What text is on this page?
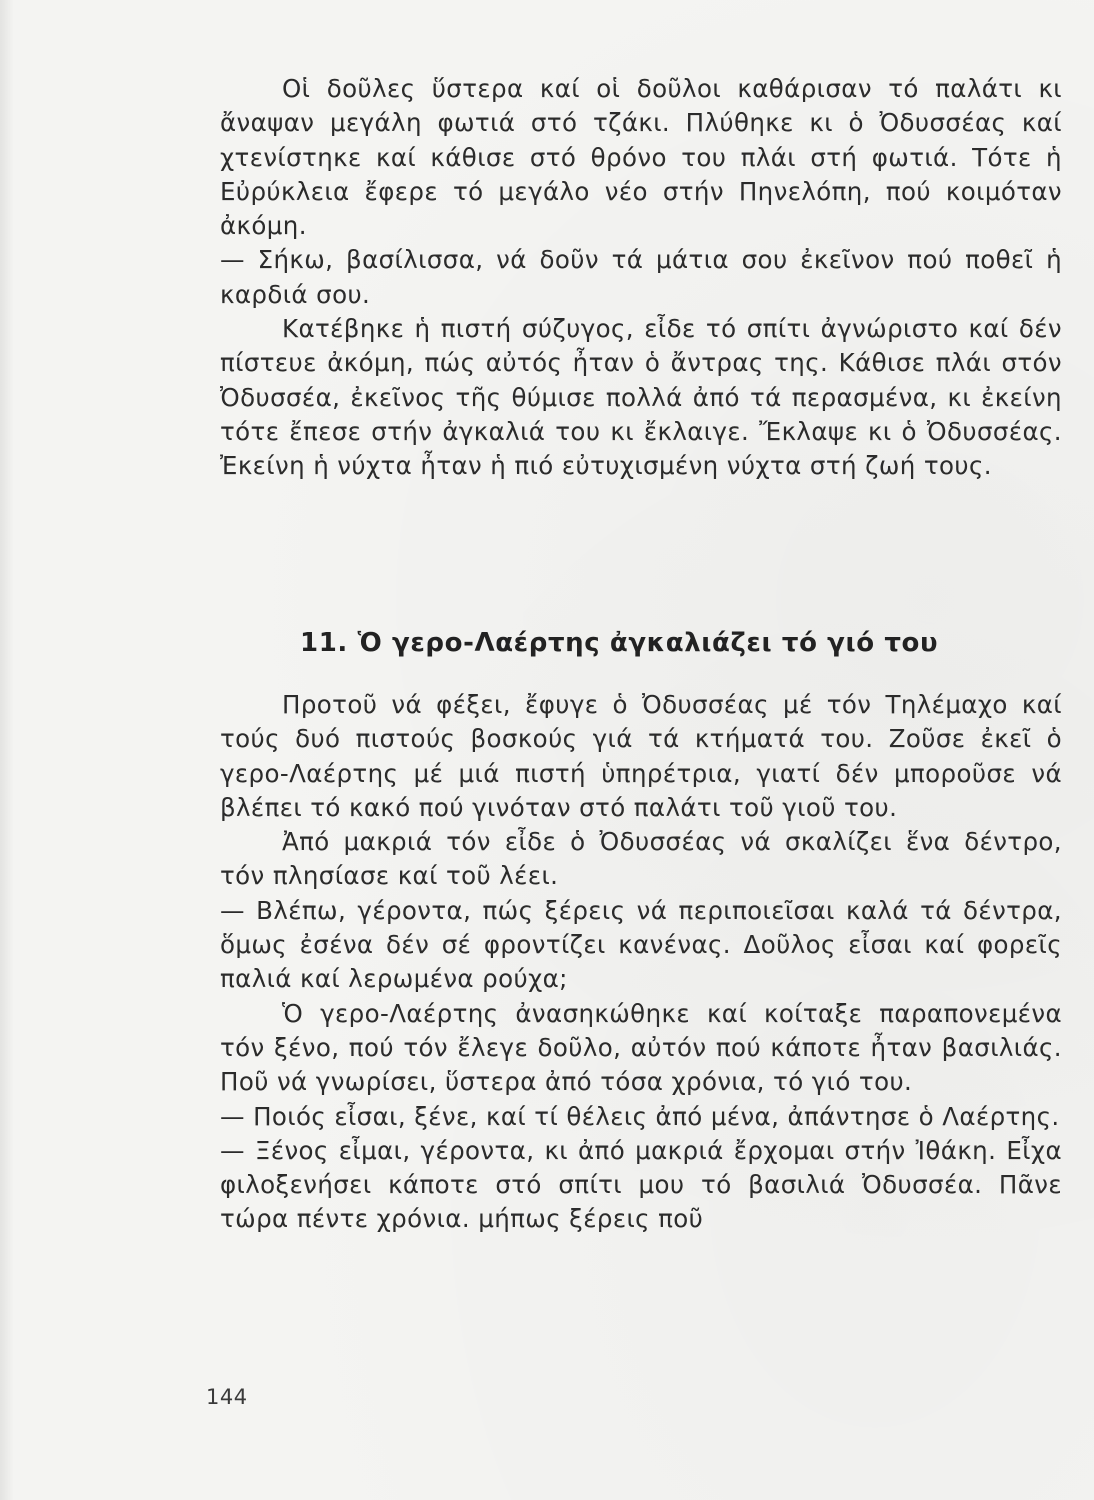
Οἱ δοῦλες ὕστερα καί οἱ δοῦλοι καθάρισαν τό παλάτι κι ἄναψαν μεγάλη φωτιά στό τζάκι. Πλύθηκε κι ὁ Ὀδυσσέας καί χτενίστηκε καί κάθισε στό θρόνο του πλάι στή φωτιά. Τότε ἡ Εὐρύκλεια ἔφερε τό μεγάλο νέο στήν Πηνελόπη, πού κοιμόταν ἀκόμη.

— Σήκω, βασίλισσα, νά δοῦν τά μάτια σου ἐκεῖνον πού ποθεῖ ἡ καρδιά σου.

Κατέβηκε ἡ πιστή σύζυγος, εἶδε τό σπίτι ἀγνώριστο καί δέν πίστευε ἀκόμη, πώς αὐτός ἦταν ὁ ἄντρας της. Κάθισε πλάι στόν Ὀδυσσέα, ἐκεῖνος τῆς θύμισε πολλά ἀπό τά περασμένα, κι ἐκείνη τότε ἔπεσε στήν ἀγκαλιά του κι ἔκλαιγε. Ἔκλαψε κι ὁ Ὀδυσσέας. Ἐκείνη ἡ νύχτα ἦταν ἡ πιό εὐτυχισμένη νύχτα στή ζωή τους.

11. Ὁ γερο-Λαέρτης ἀγκαλιάζει τό γιό του

Προτοῦ νά φέξει, ἔφυγε ὁ Ὀδυσσέας μέ τόν Τηλέμαχο καί τούς δυό πιστούς βοσκούς γιά τά κτήματά του. Ζοῦσε ἐκεῖ ὁ γερο-Λαέρτης μέ μιά πιστή ὑπηρέτρια, γιατί δέν μποροῦσε νά βλέπει τό κακό πού γινόταν στό παλάτι τοῦ γιοῦ του.

Ἀπό μακριά τόν εἶδε ὁ Ὀδυσσέας νά σκαλίζει ἕνα δέντρο, τόν πλησίασε καί τοῦ λέει.

— Βλέπω, γέροντα, πώς ξέρεις νά περιποιεῖσαι καλά τά δέντρα, ὅμως ἐσένα δέν σέ φροντίζει κανένας. Δοῦλος εἶσαι καί φορεῖς παλιά καί λερωμένα ρούχα;

Ὁ γερο-Λαέρτης ἀνασηκώθηκε καί κοίταξε παραπονεμένα τόν ξένο, πού τόν ἔλεγε δοῦλο, αὐτόν πού κάποτε ἦταν βασιλιάς. Ποῦ νά γνωρίσει, ὕστερα ἀπό τόσα χρόνια, τό γιό του.

— Ποιός εἶσαι, ξένε, καί τί θέλεις ἀπό μένα, ἀπάντησε ὁ Λαέρτης.

— Ξένος εἶμαι, γέροντα, κι ἀπό μακριά ἔρχομαι στήν Ἰθάκη. Εἶχα φιλοξενήσει κάποτε στό σπίτι μου τό βασιλιά Ὀδυσσέα. Πᾶνε τώρα πέντε χρόνια. μήπως ξέρεις ποῦ

144
